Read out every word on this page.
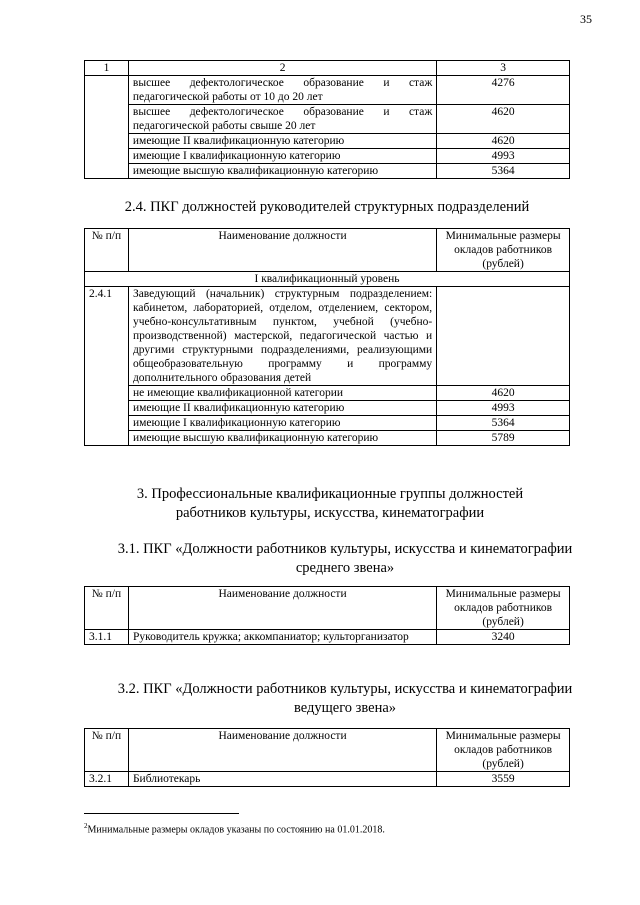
35
1	2	3
	высшее дефектологическое образование и стаж педагогической работы от 10 до 20 лет	4276
	высшее дефектологическое образование и стаж педагогической работы свыше 20 лет	4620
	имеющие II квалификационную категорию	4620
	имеющие I квалификационную категорию	4993
	имеющие высшую квалификационную категорию	5364
2.4. ПКГ должностей руководителей структурных подразделений
№ п/п	Наименование должности	Минимальные размеры окладов работников (рублей)
I квалификационный уровень		
2.4.1	Заведующий (начальник) структурным подразделением: кабинетом, лабораторией, отделом, отделением, сектором, учебно-консультативным пунктом, учебной (учебно-производственной) мастерской, педагогической частью и другими структурными подразделениями, реализующими общеобразовательную программу и программу дополнительного образования детей	
	не имеющие квалификационной категории	4620
	имеющие II квалификационную категорию	4993
	имеющие I квалификационную категорию	5364
	имеющие высшую квалификационную категорию	5789
3. Профессиональные квалификационные группы должностей работников культуры, искусства, кинематографии
3.1. ПКГ «Должности работников культуры, искусства и кинематографии среднего звена»
№ п/п	Наименование должности	Минимальные размеры окладов работников (рублей)
3.1.1	Руководитель кружка; аккомпаниатор; культорганизатор	3240
3.2. ПКГ «Должности работников культуры, искусства и кинематографии ведущего звена»
№ п/п	Наименование должности	Минимальные размеры окладов работников (рублей)
3.2.1	Библиотекарь	3559
$^2$Минимальные размеры окладов указаны по состоянию на 01.01.2018.
